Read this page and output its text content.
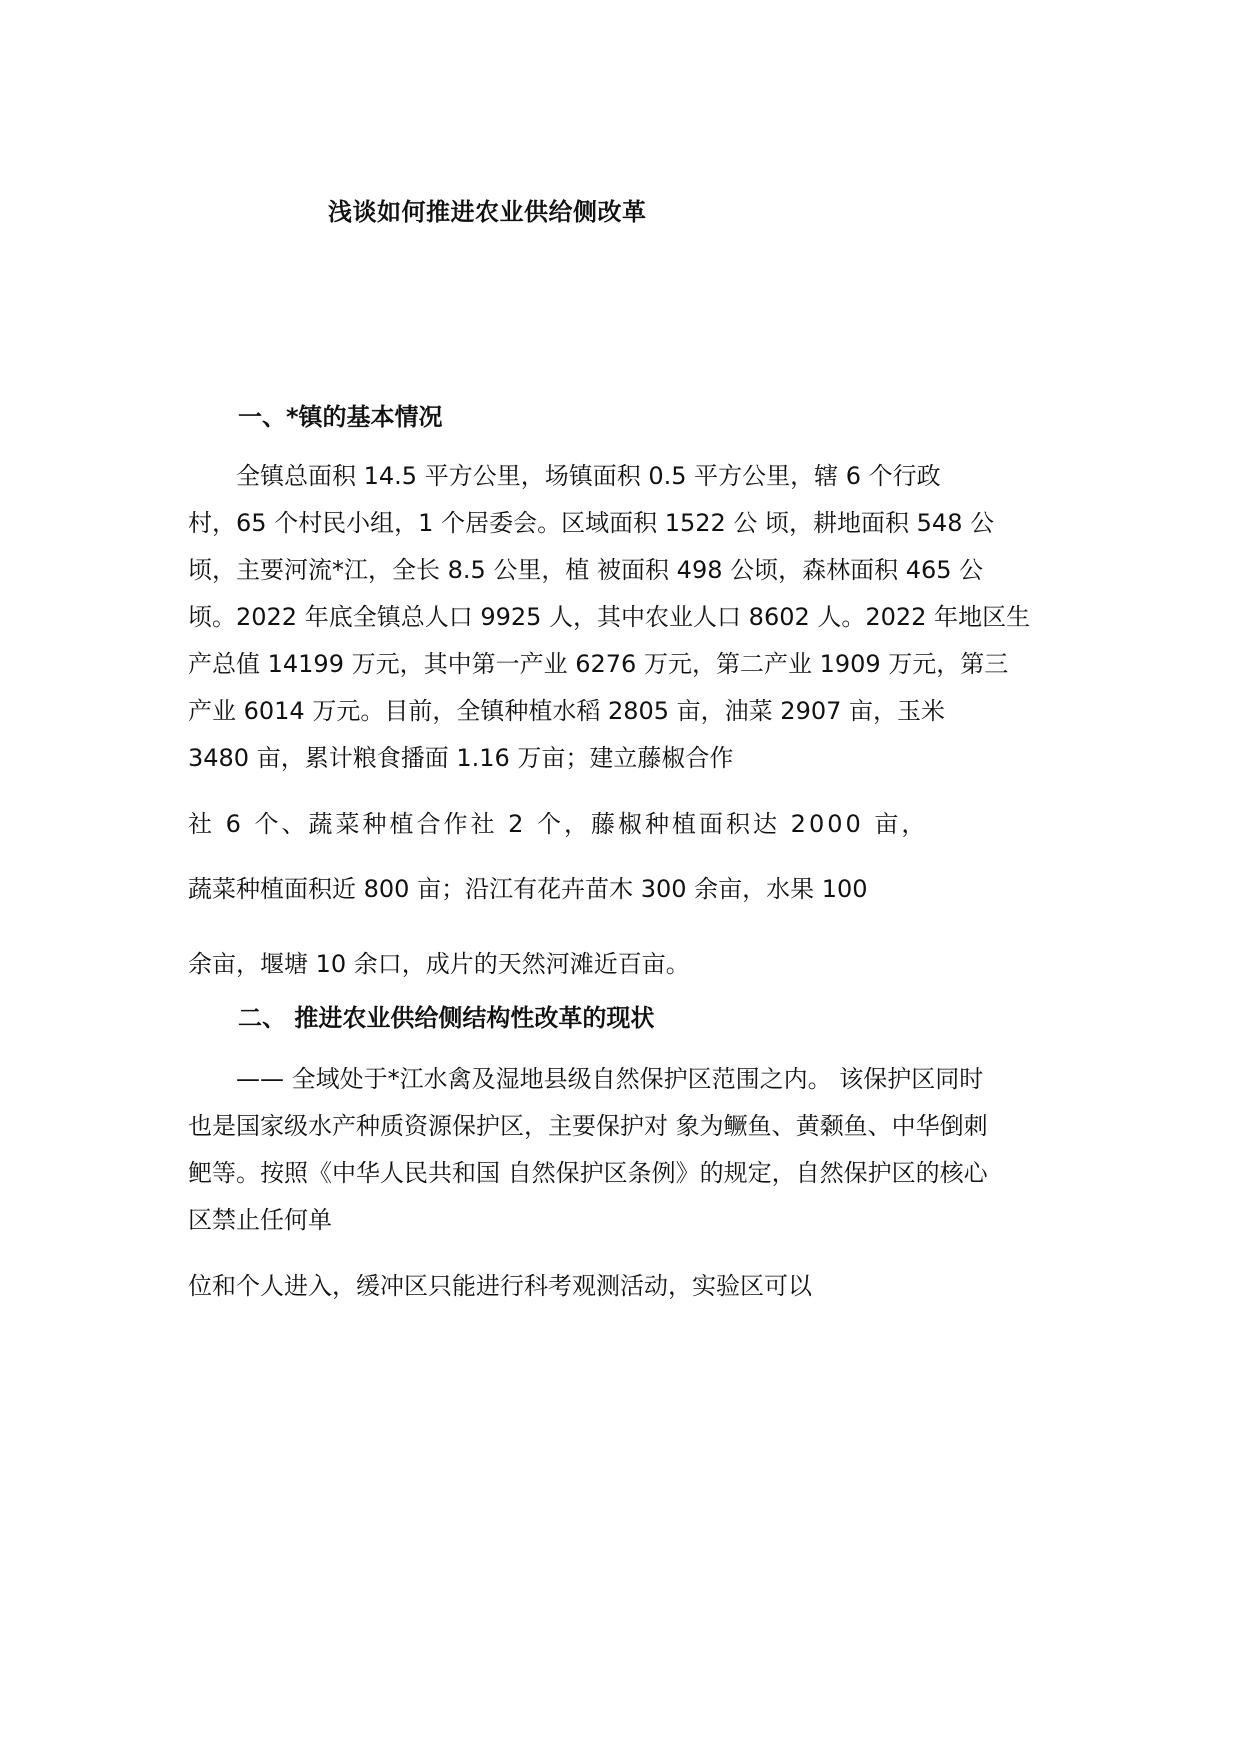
浅谈如何推进农业供给侧改革
一、*镇的基本情况
全镇总面积 14.5 平方公里，场镇面积 0.5 平方公里，辖 6 个行政
村，65 个村民小组，1 个居委会。区域面积 1522 公 顷，耕地面积 548 公
顷，主要河流*江，全长 8.5 公里，植 被面积 498 公顷，森林面积 465 公
顷。2022 年底全镇总人口 9925 人，其中农业人口 8602 人。2022 年地区生
产总值 14199 万元，其中第一产业 6276 万元，第二产业 1909 万元，第三
产业 6014 万元。目前，全镇种植水稻 2805 亩，油菜 2907 亩，玉米
3480 亩，累计粮食播面 1.16 万亩；建立藤椒合作
社 6 个、蔬菜种植合作社 2 个，藤椒种植面积达 2000 亩，
蔬菜种植面积近 800 亩；沿江有花卉苗木 300 余亩，水果 100
余亩，堰塘 10 余口，成片的天然河滩近百亩。
二、 推进农业供给侧结构性改革的现状
—— 全域处于*江水禽及湿地县级自然保护区范围之内。 该保护区同时
也是国家级水产种质资源保护区，主要保护对 象为鳜鱼、黄颡鱼、中华倒刺
鲃等。按照《中华人民共和国 自然保护区条例》的规定，自然保护区的核心
区禁止任何单
位和个人进入，缓冲区只能进行科考观测活动，实验区可以
